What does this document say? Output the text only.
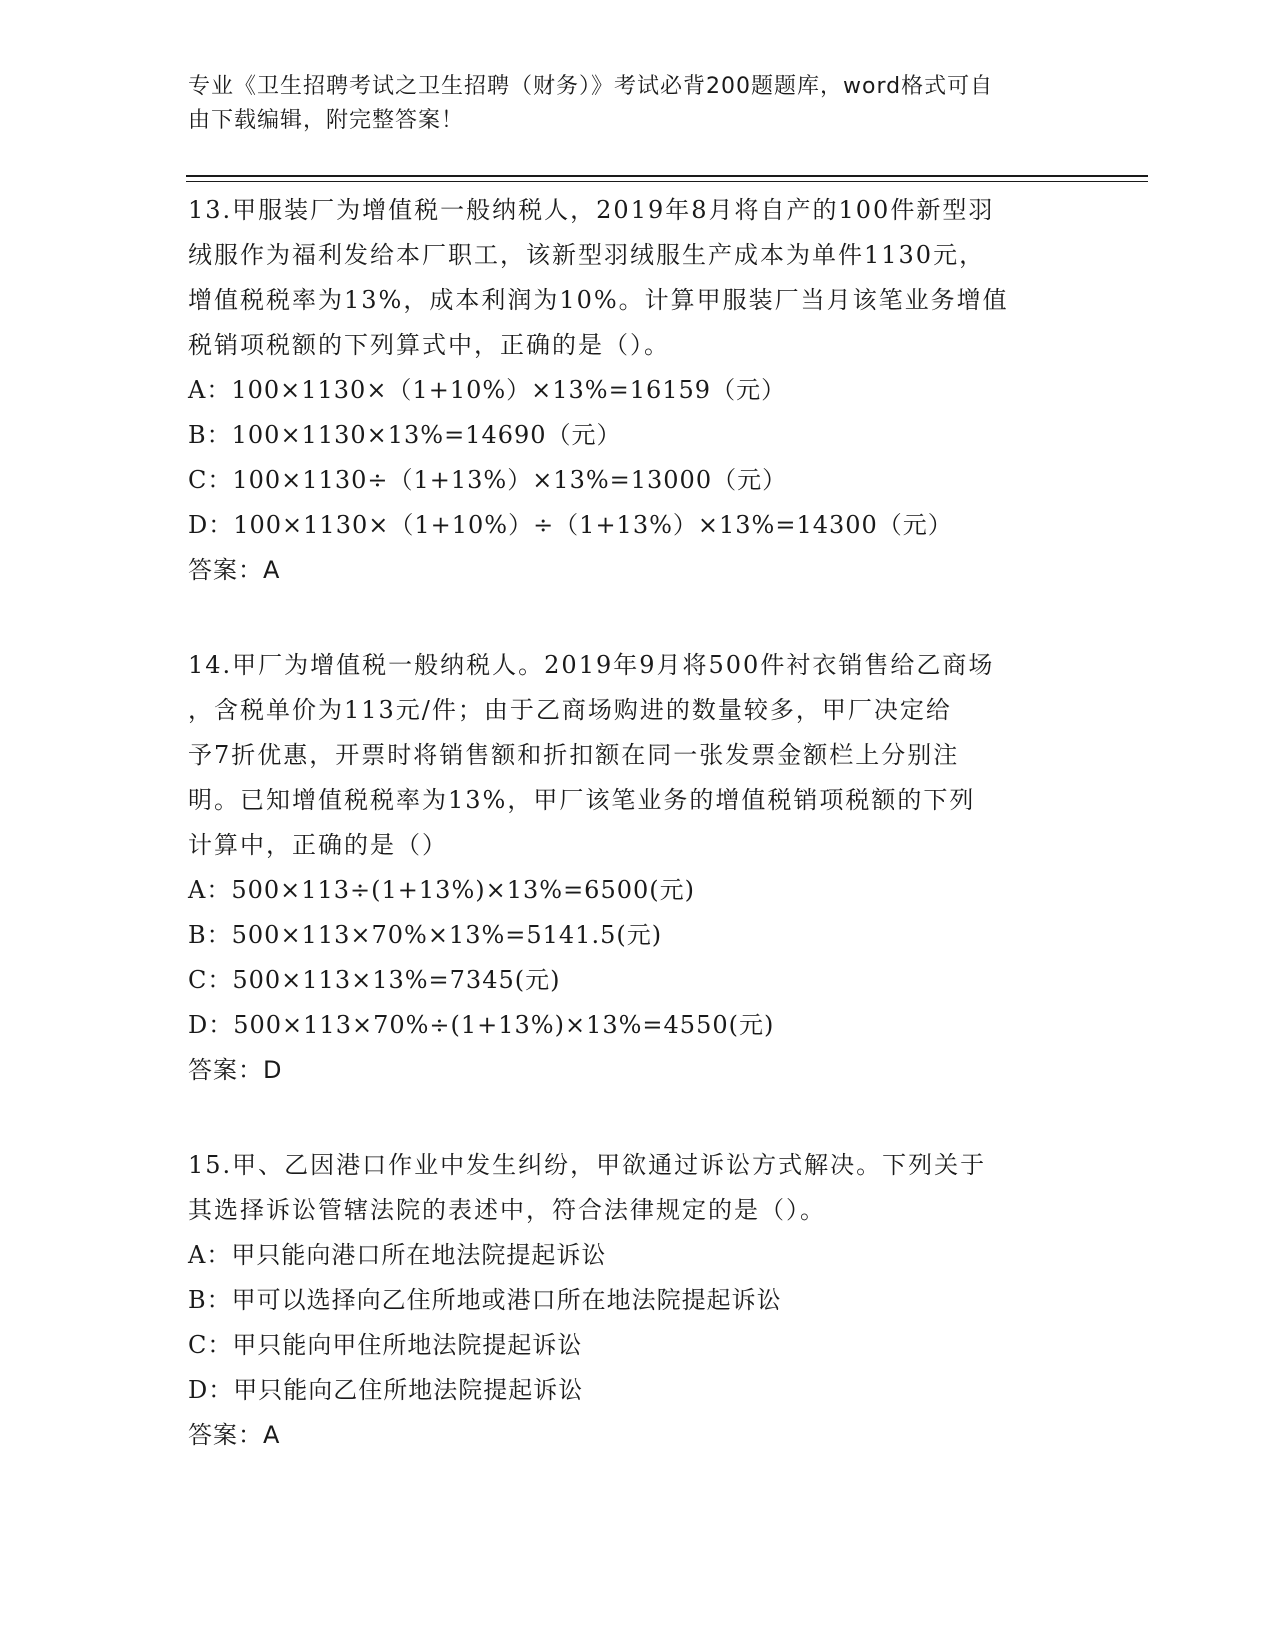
专业《卫生招聘考试之卫生招聘（财务）》考试必背200题题库，word格式可自
由下载编辑，附完整答案！

13.甲服装厂为增值税一般纳税人，2019年8月将自产的100件新型羽

绒服作为福利发给本厂职工，该新型羽绒服生产成本为单件1130元，

增值税税率为13%，成本利润为10%。计算甲服装厂当月该笔业务增值

税销项税额的下列算式中，正确的是（）。

A：100×1130×（1+10%）×13%=16159（元）

B：100×1130×13%=14690（元）

C：100×1130÷（1+13%）×13%=13000（元）

D：100×1130×（1+10%）÷（1+13%）×13%=14300（元）

答案：A

14.甲厂为增值税一般纳税人。2019年9月将500件衬衣销售给乙商场

，含税单价为113元/件；由于乙商场购进的数量较多，甲厂决定给

予7折优惠，开票时将销售额和折扣额在同一张发票金额栏上分别注

明。已知增值税税率为13%，甲厂该笔业务的增值税销项税额的下列

计算中，正确的是（）

A：500×113÷(1+13%)×13%=6500(元)

B：500×113×70%×13%=5141.5(元)

C：500×113×13%=7345(元)

D：500×113×70%÷(1+13%)×13%=4550(元)

答案：D

15.甲、乙因港口作业中发生纠纷，甲欲通过诉讼方式解决。下列关于

其选择诉讼管辖法院的表述中，符合法律规定的是（）。

A：甲只能向港口所在地法院提起诉讼

B：甲可以选择向乙住所地或港口所在地法院提起诉讼

C：甲只能向甲住所地法院提起诉讼

D：甲只能向乙住所地法院提起诉讼

答案：A
